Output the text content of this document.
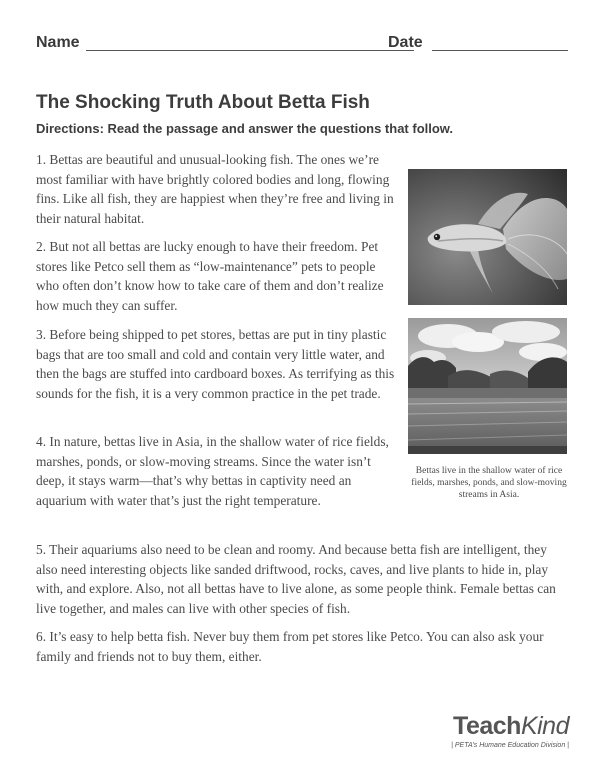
Name	Date
The Shocking Truth About Betta Fish

Directions: Read the passage and answer the questions that follow.

1. Bettas are beautiful and unusual-looking fish. The ones we’re most familiar with have brightly colored bodies and long, flowing fins. Like all fish, they are happiest when they’re free and living in their natural habitat.

2. But not all bettas are lucky enough to have their freedom. Pet stores like Petco sell them as “low-maintenance” pets to people who often don’t know how to take care of them and don’t realize how much they can suffer.

3. Before being shipped to pet stores, bettas are put in tiny plastic bags that are too small and cold and contain very little water, and then the bags are stuffed into cardboard boxes. As terrifying as this sounds for the fish, it is a very common practice in the pet trade.

4. In nature, bettas live in Asia, in the shallow water of rice fields, marshes, ponds, or slow-moving streams. Since the water isn’t deep, it stays warm—that’s why bettas in captivity need an aquarium with water that’s just the right temperature.

5. Their aquariums also need to be clean and roomy. And because betta fish are intelligent, they also need interesting objects like sanded driftwood, rocks, caves, and live plants to hide in, play with, and explore. Also, not all bettas have to live alone, as some people think. Female bettas can live together, and males can live with other species of fish.

6. It’s easy to help betta fish. Never buy them from pet stores like Petco. You can also ask your family and friends not to buy them, either.

Bettas live in the shallow water of rice fields, marshes, ponds, and slow-moving streams in Asia.

TeachKind
| PETA’s Humane Education Division |
